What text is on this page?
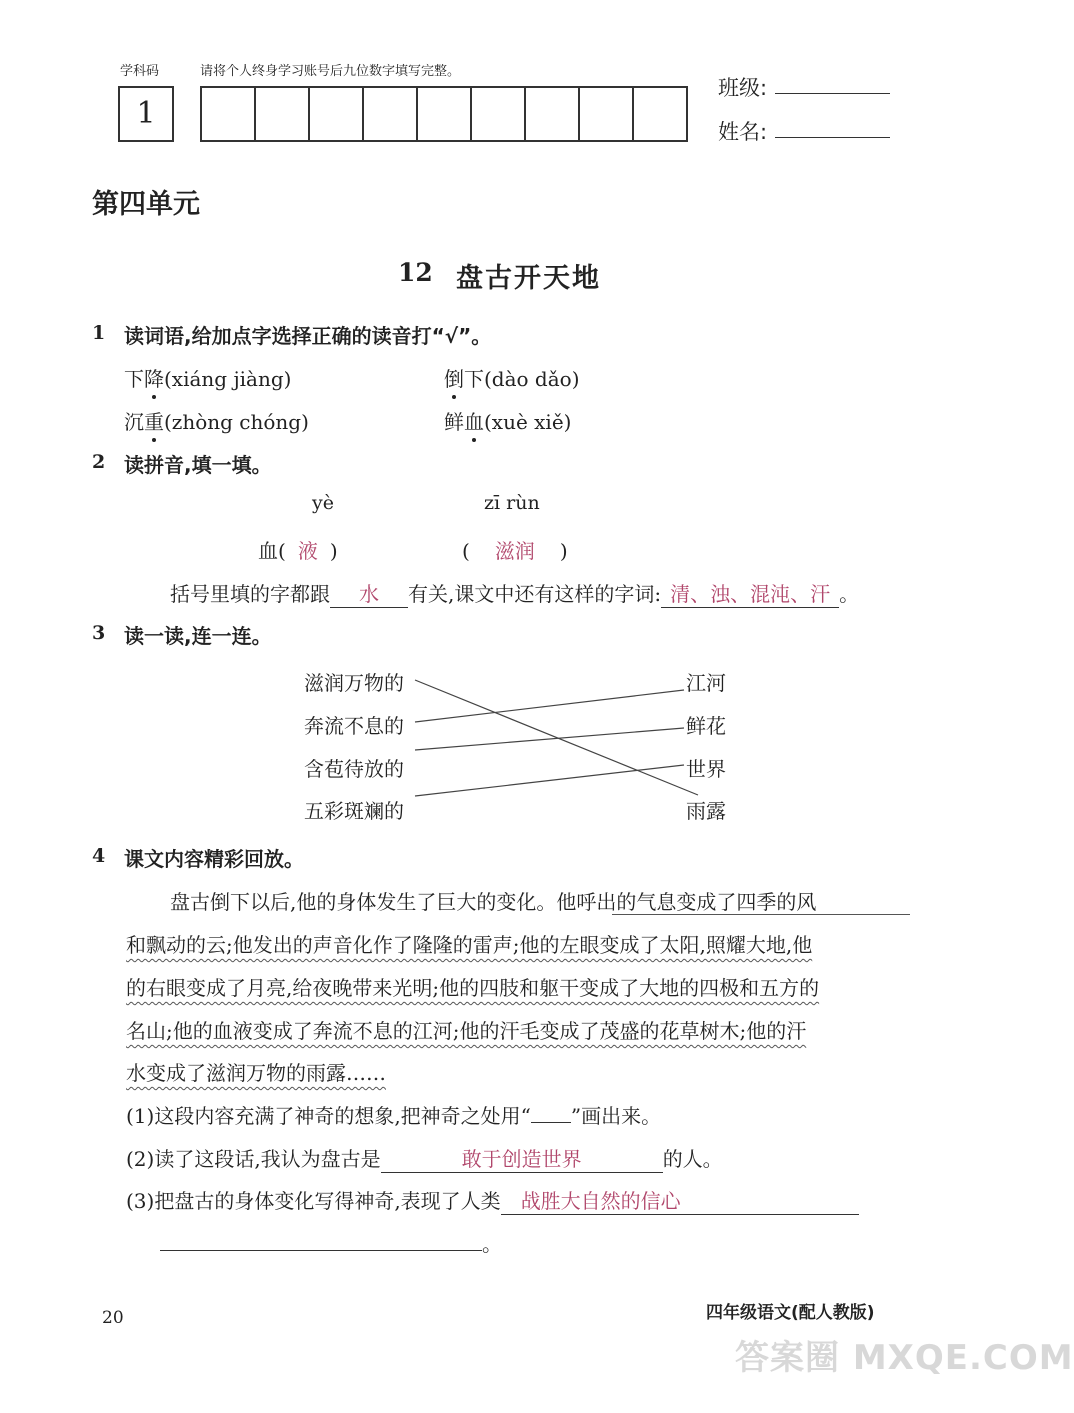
学科码	请将个人终身学习账号后九位数字填写完整。
1
班级:
姓名:
第四单元
12 盘古开天地
1 读词语,给加点字选择正确的读音打“√”。
下降(xiáng jiàng)	倒下(dào dǎo)
沉重(zhòng chóng)	鲜血(xuè xiě)
2 读拼音,填一填。
yè	zī rùn
血( 液 )	( 滋润 )
括号里填的字都跟 水 有关,课文中还有这样的字词: 清、浊、混沌、汗 。
3 读一读,连一连。
滋润万物的
奔流不息的
含苞待放的
五彩斑斓的
江河
鲜花
世界
雨露
4 课文内容精彩回放。
盘古倒下以后,他的身体发生了巨大的变化。他呼出的气息变成了四季的风
和飘动的云;他发出的声音化作了隆隆的雷声;他的左眼变成了太阳,照耀大地,他
的右眼变成了月亮,给夜晚带来光明;他的四肢和躯干变成了大地的四极和五方的
名山;他的血液变成了奔流不息的江河;他的汗毛变成了茂盛的花草树木;他的汗
水变成了滋润万物的雨露……
(1)这段内容充满了神奇的想象,把神奇之处用“ ”画出来。
(2)读了这段话,我认为盘古是	敢于创造世界	的人。
(3)把盘古的身体变化写得神奇,表现了人类 战胜大自然的信心
。
20	四年级语文(配人教版)
答案圈 MXQE.COM
